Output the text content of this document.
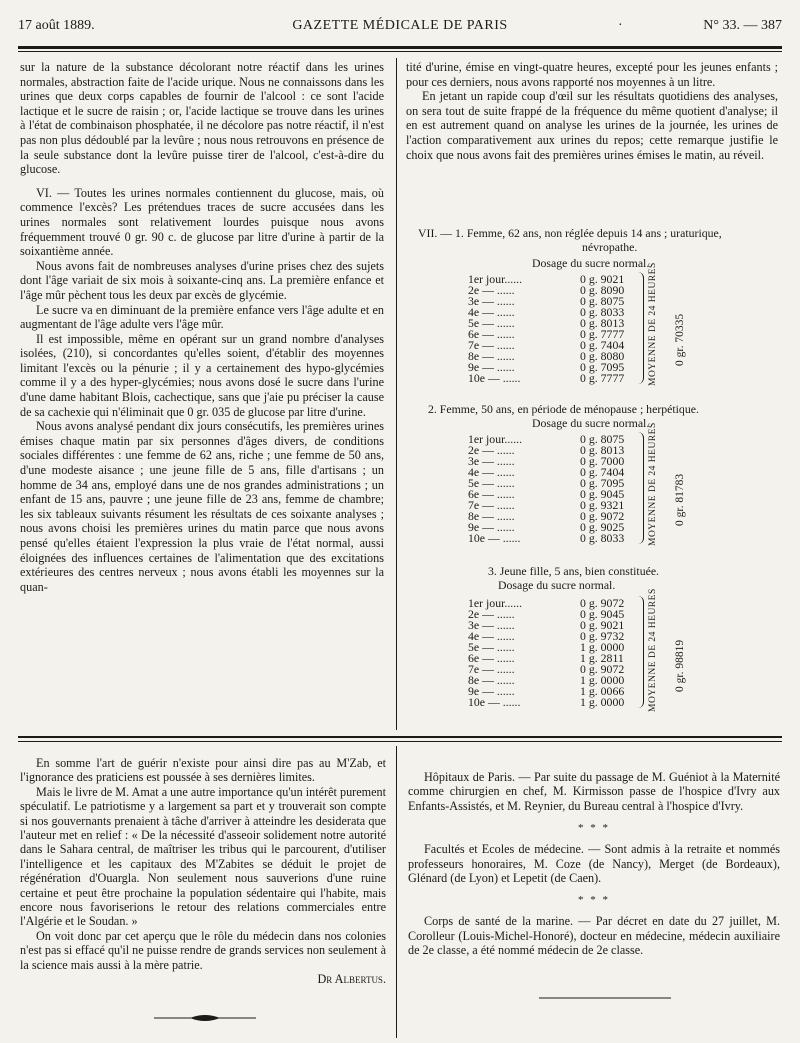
17 août 1889.	GAZETTE MÉDICALE DE PARIS	·	N° 33. — 387

sur la nature de la substance décolorant notre réactif dans les urines normales, abstraction faite de l'acide urique. Nous ne connaissons dans les urines que deux corps capables de fournir de l'alcool : ce sont l'acide lactique et le sucre de raisin ; or, l'acide lactique se trouve dans les urines à l'état de combinaison phosphatée, il ne décolore pas notre réactif, il n'est pas non plus dédoublé par la levûre ; nous nous retrouvons en présence de la seule substance dont la levûre puisse tirer de l'alcool, c'est-à-dire du glucose.

VI. — Toutes les urines normales contiennent du glucose, mais, où commence l'excès? Les prétendues traces de sucre accusées dans les urines normales sont relativement lourdes puisque nous avons fréquemment trouvé 0 gr. 90 c. de glucose par litre d'urine à partir de la soixantième année.

Nous avons fait de nombreuses analyses d'urine prises chez des sujets dont l'âge variait de six mois à soixante-cinq ans. La première enfance et l'âge mûr pèchent tous les deux par excès de glycémie.

Le sucre va en diminuant de la première enfance vers l'âge adulte et en augmentant de l'âge adulte vers l'âge mûr.

Il est impossible, même en opérant sur un grand nombre d'analyses isolées, (210), si concordantes qu'elles soient, d'établir des moyennes limitant l'excès ou la pénurie ; il y a certainement des hypo-glycémies comme il y a des hyper-glycémies; nous avons dosé le sucre dans l'urine d'une dame habitant Blois, cachectique, sans que j'aie pu préciser la cause de sa cachexie qui n'éliminait que 0 gr. 035 de glucose par litre d'urine.

Nous avons analysé pendant dix jours consécutifs, les premières urines émises chaque matin par six personnes d'âges divers, de conditions sociales différentes : une femme de 62 ans, riche ; une femme de 50 ans, d'une modeste aisance ; une jeune fille de 5 ans, fille d'artisans ; un homme de 34 ans, employé dans une de nos grandes administrations ; un enfant de 15 ans, pauvre ; une jeune fille de 23 ans, femme de chambre; les six tableaux suivants résument les résultats de ces soixante analyses ; nous avons choisi les premières urines du matin parce que nous avons pensé qu'elles étaient l'expression la plus vraie de l'état normal, aussi éloignées des influences certaines de l'alimentation que des excitations extérieures des centres nerveux ; nous avons établi les moyennes sur la quan-

tité d'urine, émise en vingt-quatre heures, excepté pour les jeunes enfants ; pour ces derniers, nous avons rapporté nos moyennes à un litre.

En jetant un rapide coup d'œil sur les résultats quotidiens des analyses, on sera tout de suite frappé de la fréquence du même quotient d'analyse; il en est autrement quand on analyse les urines de la journée, les urines de l'action comparativement aux urines du repos; cette remarque justifie le choix que nous avons fait des premières urines émises le matin, au réveil.

VII. — 1. Femme, 62 ans, non réglée depuis 14 ans ; uraturique,
névropathe.
Dosage du sucre normal.
1er jour......	0 g. 9021
2e — ......	0 g. 8090
3e — ......	0 g. 8075
4e — ......	0 g. 8033
5e — ......	0 g. 8013
6e — ......	0 g. 7777
7e — ......	0 g. 7404
8e — ......	0 g. 8080
9e — ......	0 g. 7095
10e — ......	0 g. 7777	MOYENNE DE 24 HEURES 0 gr. 70335
2. Femme, 50 ans, en période de ménopause ; herpétique.
Dosage du sucre normal.
1er jour......	0 g. 8075
2e — ......	0 g. 8013
3e — ......	0 g. 7000
4e — ......	0 g. 7404
5e — ......	0 g. 7095
6e — ......	0 g. 9045
7e — ......	0 g. 9321
8e — ......	0 g. 9072
9e — ......	0 g. 9025
10e — ......	0 g. 8033	MOYENNE DE 24 HEURES 0 gr. 81783
3. Jeune fille, 5 ans, bien constituée.
Dosage du sucre normal.
1er jour......	0 g. 9072
2e — ......	0 g. 9045
3e — ......	0 g. 9021
4e — ......	0 g. 9732
5e — ......	1 g. 0000
6e — ......	1 g. 2811
7e — ......	0 g. 9072
8e — ......	1 g. 0000
9e — ......	1 g. 0066
10e — ......	1 g. 0000	MOYENNE DE 24 HEURES 0 gr. 98819

En somme l'art de guérir n'existe pour ainsi dire pas au M'Zab, et l'ignorance des praticiens est poussée à ses dernières limites.

Mais le livre de M. Amat a une autre importance qu'un intérêt purement spéculatif. Le patriotisme y a largement sa part et y trouverait son compte si nos gouvernants prenaient à tâche d'arriver à atteindre les desiderata que l'auteur met en relief : « De la nécessité d'asseoir solidement notre autorité dans le Sahara central, de maîtriser les tribus qui le parcourent, d'utiliser l'intelligence et les capitaux des M'Zabites se déduit le projet de régénération d'Ouargla. Non seulement nous sauverions d'une ruine certaine et peut être prochaine la population sédentaire qui l'habite, mais encore nous favoriserions le retour des relations commerciales entre l'Algérie et le Soudan. »

On voit donc par cet aperçu que le rôle du médecin dans nos colonies n'est pas si effacé qu'il ne puisse rendre de grands services non seulement à la science mais aussi à la mère patrie.

Dr Albertus.

Hôpitaux de Paris. — Par suite du passage de M. Guéniot à la Maternité comme chirurgien en chef, M. Kirmisson passe de l'hospice d'Ivry aux Enfants-Assistés, et M. Reynier, du Bureau central à l'hospice d'Ivry.

* * *

Facultés et Ecoles de médecine. — Sont admis à la retraite et nommés professeurs honoraires, M. Coze (de Nancy), Merget (de Bordeaux), Glénard (de Lyon) et Lepetit (de Caen).

* * *

Corps de santé de la marine. — Par décret en date du 27 juillet, M. Corolleur (Louis-Michel-Honoré), docteur en médecine, médecin auxiliaire de 2e classe, a été nommé médecin de 2e classe.
